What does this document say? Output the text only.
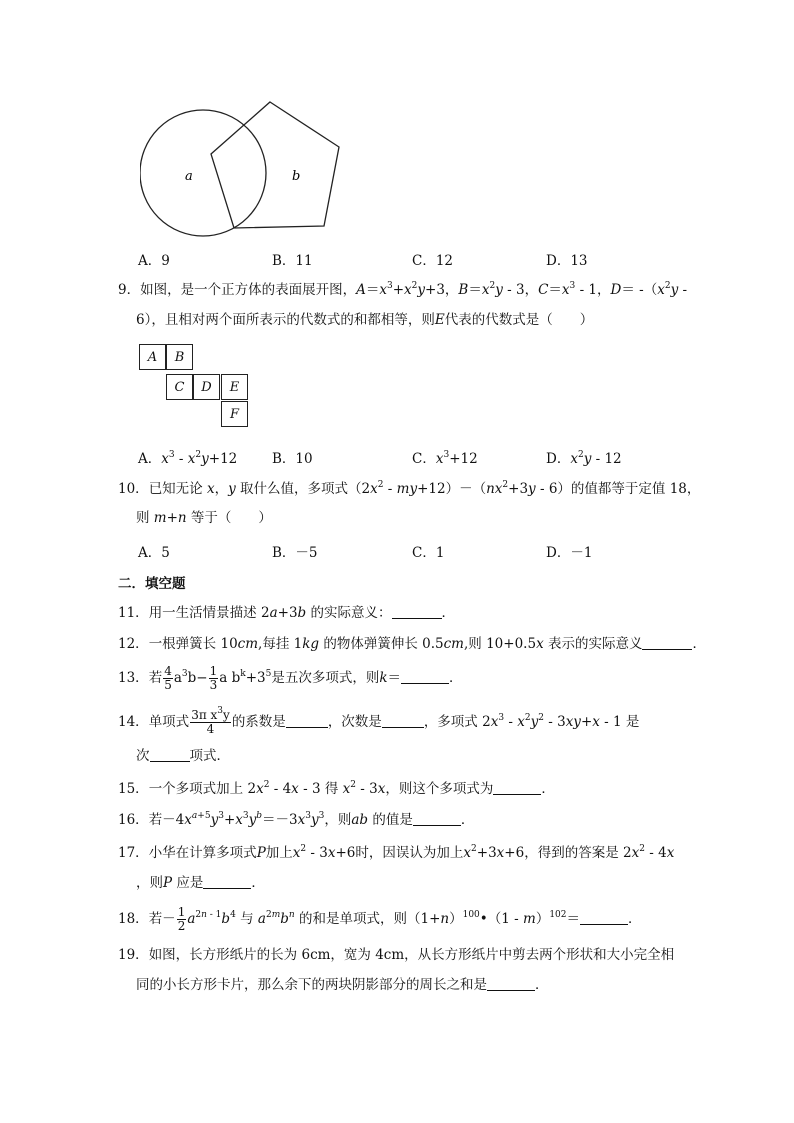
a	b
A．9	B．11	C．12	D．13
9．如图，是一个正方体的表面展开图，$A=x^3+x^2y+3$，$B=x^2y - 3$，$C=x^3 - 1$，$D= -(x^2y$ -
6），且相对两个面所表示的代数式的和都相等，则E代表的代数式是（　　）
A	B
C	D	E
F
A．$x^3 - x^2y+12$	B．10	C．$x^3+12$	D．$x^2y - 12$
10．已知无论 x，y 取什么值，多项式$(2x^2 - my+12)-(nx^2+3y - 6)$的值都等于定值 18，
则 m+n 等于（　　）
A．5	B．－5	C．1	D．－1
二．填空题
11．用一生活情景描述 2a+3b 的实际意义：	．
12．一根弹簧长 10cm,每挂 1kg 的物体弹簧伸长 0.5cm,则 10+0.5x 表示的实际意义	．
13．若 $\frac{4}{5} a^3b- \frac{1}{3}$ a $b^k+3^5$是五次多项式，则k＝	．
14．单项式 $\frac{3\pi x^3y}{4}$ 的系数是	，次数是	，多项式 $2x^3 - x^2y^2 - 3xy+x - 1$ 是
次	项式．
15．一个多项式加上 $2x^2 - 4x - 3$ 得 $x^2 - 3x$，则这个多项式为	．
16．若$-4x^{a+5}y^3+x^3y^b=-3x^3y^3$，则ab 的值是	．
17．小华在计算多项式P加上$x^2 - 3x+6$时，因误认为加上$x^2+3x+6$，得到的答案是 $2x^2 - 4x$
，则P 应是	．
18．若－ $\frac{1}{2} a^{2n - 1}b^4$ 与 $a^{2m}b^n$ 的和是单项式，则$(1+n)^{100}•(1 - m)^{102}=$	．
19．如图，长方形纸片的长为 6cm，宽为 4cm，从长方形纸片中剪去两个形状和大小完全相
同的小长方形卡片，那么余下的两块阴影部分的周长之和是	．
